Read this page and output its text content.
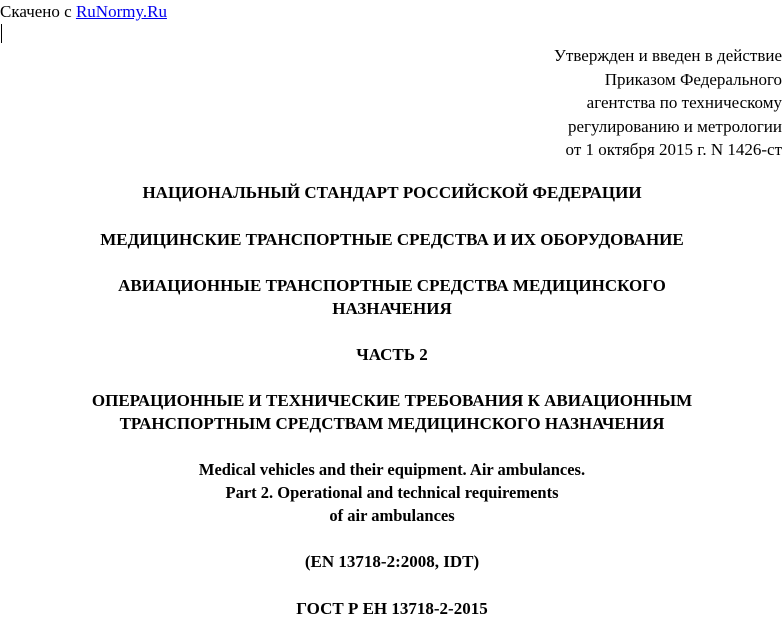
Скачено с RuNormy.Ru
Утвержден и введен в действие
Приказом Федерального
агентства по техническому
регулированию и метрологии
от 1 октября 2015 г. N 1426-ст
НАЦИОНАЛЬНЫЙ СТАНДАРТ РОССИЙСКОЙ ФЕДЕРАЦИИ
МЕДИЦИНСКИЕ ТРАНСПОРТНЫЕ СРЕДСТВА И ИХ ОБОРУДОВАНИЕ
АВИАЦИОННЫЕ ТРАНСПОРТНЫЕ СРЕДСТВА МЕДИЦИНСКОГО
НАЗНАЧЕНИЯ
ЧАСТЬ 2
ОПЕРАЦИОННЫЕ И ТЕХНИЧЕСКИЕ ТРЕБОВАНИЯ К АВИАЦИОННЫМ
ТРАНСПОРТНЫМ СРЕДСТВАМ МЕДИЦИНСКОГО НАЗНАЧЕНИЯ
Medical vehicles and their equipment. Air ambulances.
Part 2. Operational and technical requirements
of air ambulances
(EN 13718-2:2008, IDT)
ГОСТ Р ЕН 13718-2-2015
